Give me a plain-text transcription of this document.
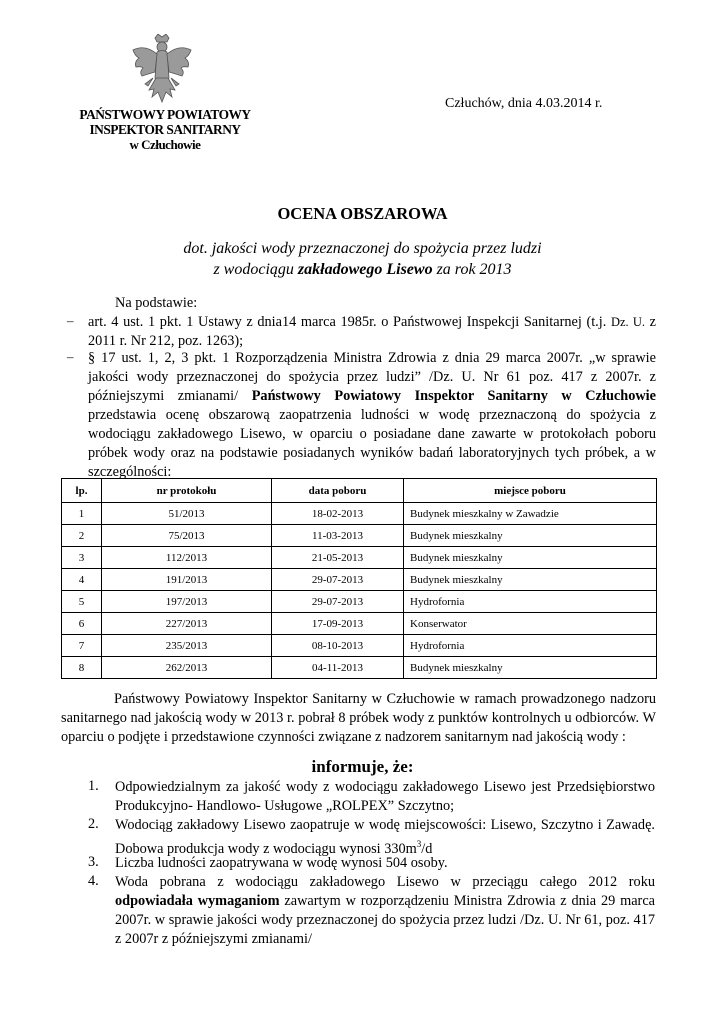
PAŃSTWOWY POWIATOWY
INSPEKTOR SANITARNY
w Człuchowie
Człuchów, dnia 4.03.2014 r.
OCENA OBSZAROWA
dot. jakości wody przeznaczonej do spożycia przez ludzi
z wodociągu zakładowego Lisewo za rok 2013
Na podstawie:
– art. 4 ust. 1 pkt. 1 Ustawy z dnia14 marca 1985r. o Państwowej Inspekcji Sanitarnej (t.j. Dz. U. z 2011 r. Nr 212, poz. 1263);
– § 17 ust. 1, 2, 3 pkt. 1 Rozporządzenia Ministra Zdrowia z dnia 29 marca 2007r. „w sprawie jakości wody przeznaczonej do spożycia przez ludzi” /Dz. U. Nr 61 poz. 417 z 2007r. z późniejszymi zmianami/ Państwowy Powiatowy Inspektor Sanitarny w Człuchowie przedstawia ocenę obszarową zaopatrzenia ludności w wodę przeznaczoną do spożycia z wodociągu zakładowego Lisewo, w oparciu o posiadane dane zawarte w protokołach poboru próbek wody oraz na podstawie posiadanych wyników badań laboratoryjnych tych próbek, a w szczególności:
lp.	nr protokołu	data poboru	miejsce poboru
1	51/2013	18-02-2013	Budynek mieszkalny w Zawadzie
2	75/2013	11-03-2013	Budynek mieszkalny
3	112/2013	21-05-2013	Budynek mieszkalny
4	191/2013	29-07-2013	Budynek mieszkalny
5	197/2013	29-07-2013	Hydrofornia
6	227/2013	17-09-2013	Konserwator
7	235/2013	08-10-2013	Hydrofornia
8	262/2013	04-11-2013	Budynek mieszkalny
Państwowy Powiatowy Inspektor Sanitarny w Człuchowie w ramach prowadzonego nadzoru sanitarnego nad jakością wody w 2013 r. pobrał 8 próbek wody z punktów kontrolnych u odbiorców. W oparciu o podjęte i przedstawione czynności związane z nadzorem sanitarnym nad jakością wody :
informuje, że:
1. Odpowiedzialnym za jakość wody z wodociągu zakładowego Lisewo jest Przedsiębiorstwo Produkcyjno- Handlowo- Usługowe „ROLPEX” Szczytno;
2. Wodociąg zakładowy Lisewo zaopatruje w wodę miejscowości: Lisewo, Szczytno i Zawadę. Dobowa produkcja wody z wodociągu wynosi $330m^3/d$
3. Liczba ludności zaopatrywana w wodę wynosi 504 osoby.
4. Woda pobrana z wodociągu zakładowego Lisewo w przeciągu całego 2012 roku odpowiadała wymaganiom zawartym w rozporządzeniu Ministra Zdrowia z dnia 29 marca 2007r. w sprawie jakości wody przeznaczonej do spożycia przez ludzi /Dz. U. Nr 61, poz. 417 z 2007r z późniejszymi zmianami/
